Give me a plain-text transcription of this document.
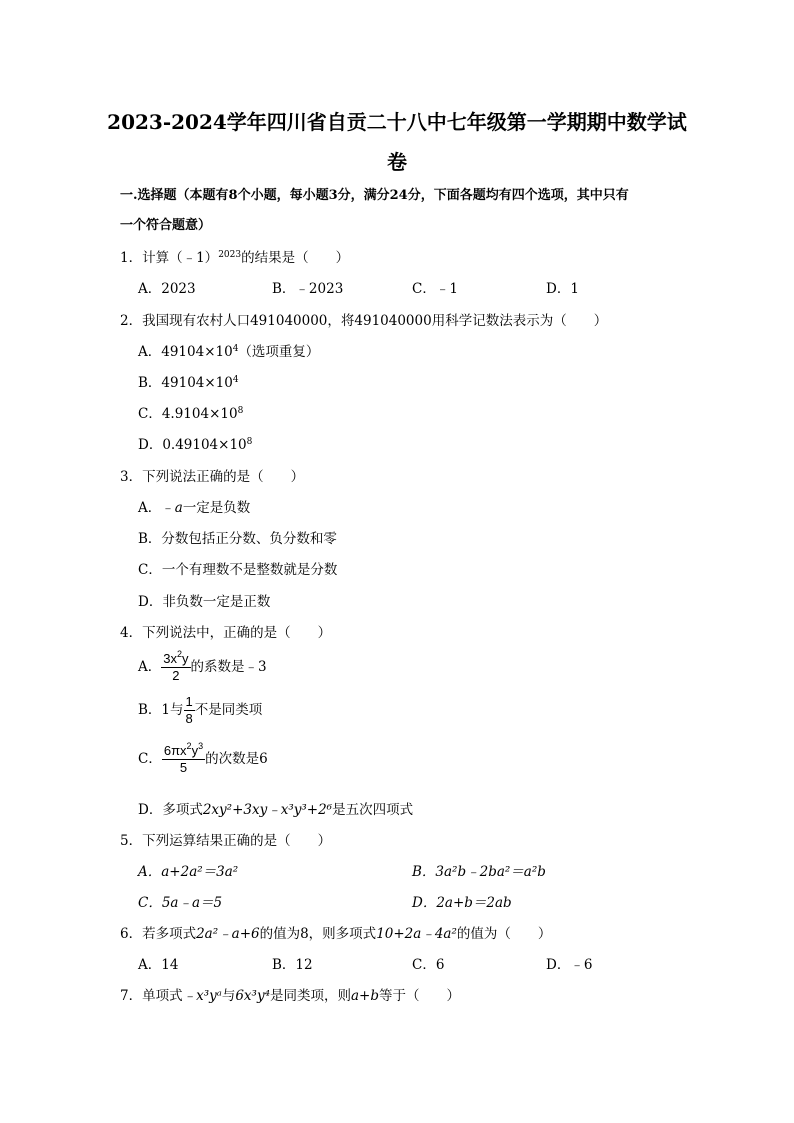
2023-2024学年四川省自贡二十八中七年级第一学期期中数学试
卷
一.选择题（本题有8个小题，每小题3分，满分24分，下面各题均有四个选项，其中只有
一个符合题意）
1．计算（﹣1）$^{2023}$的结果是（　　）
A．2023	B．﹣2023	C．﹣1	D．1
2．我国现有农村人口491040000，将491040000用科学记数法表示为（　　）
A．$49104\times 10^4$（选项重复）
B．$49104\times 10^4$
C．$4.9104\times 10^8$
D．$0.49104\times 10^8$
3．下列说法正确的是（　　）
A．﹣a一定是负数
B．分数包括正分数、负分数和零
C．一个有理数不是整数就是分数
D．非负数一定是正数
4．下列说法中，正确的是（　　）
A． $\frac{3x^2y}{2}$ 的系数是﹣3
B．1与 $\frac{1}{8}$ 不是同类项
C． $\frac{6\pi x^2y^3}{5}$ 的次数是6
D．多项式2xy²+3xy﹣x³y³+2⁶是五次四项式
5．下列运算结果正确的是（　　）
A．a+2a²＝3a²	B．3a²b﹣2ba²＝a²b
C．5a﹣a＝5	D．2a+b＝2ab
6．若多项式2a²﹣a+6的值为8，则多项式10+2a﹣4a²的值为（　　）
A．14	B．12	C．6	D．﹣6
7．单项式﹣x³yᵃ与6x³y⁴是同类项，则a+b等于（　　）
